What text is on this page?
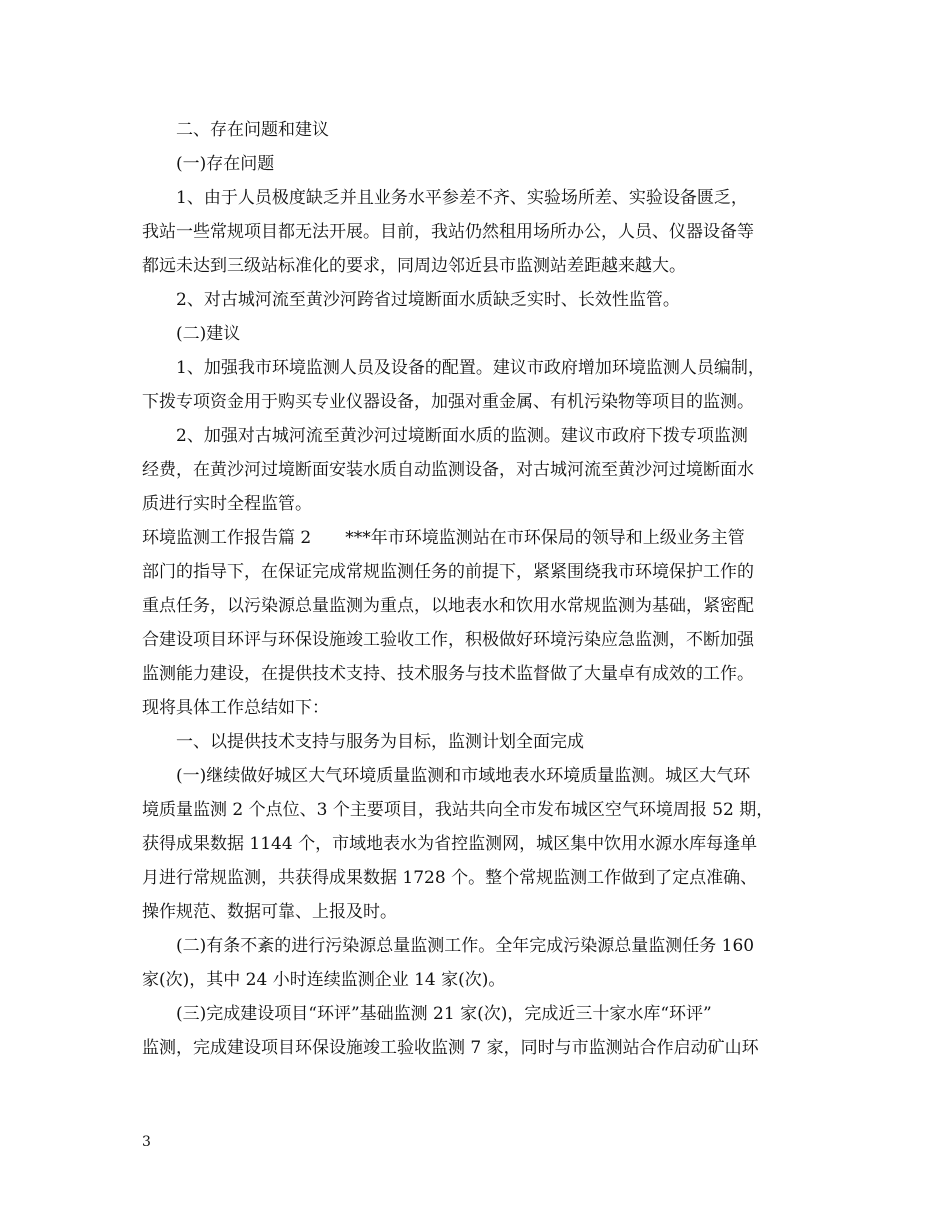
二、存在问题和建议
(一)存在问题
1、由于人员极度缺乏并且业务水平参差不齐、实验场所差、实验设备匮乏，
我站一些常规项目都无法开展。目前，我站仍然租用场所办公，人员、仪器设备等
都远未达到三级站标准化的要求，同周边邻近县市监测站差距越来越大。
2、对古城河流至黄沙河跨省过境断面水质缺乏实时、长效性监管。
(二)建议
1、加强我市环境监测人员及设备的配置。建议市政府增加环境监测人员编制，
下拨专项资金用于购买专业仪器设备，加强对重金属、有机污染物等项目的监测。
2、加强对古城河流至黄沙河过境断面水质的监测。建议市政府下拨专项监测
经费，在黄沙河过境断面安装水质自动监测设备，对古城河流至黄沙河过境断面水
质进行实时全程监管。
环境监测工作报告篇 2　　***年市环境监测站在市环保局的领导和上级业务主管
部门的指导下，在保证完成常规监测任务的前提下，紧紧围绕我市环境保护工作的
重点任务，以污染源总量监测为重点，以地表水和饮用水常规监测为基础，紧密配
合建设项目环评与环保设施竣工验收工作，积极做好环境污染应急监测，不断加强
监测能力建设，在提供技术支持、技术服务与技术监督做了大量卓有成效的工作。
现将具体工作总结如下：
一、以提供技术支持与服务为目标，监测计划全面完成
(一)继续做好城区大气环境质量监测和市域地表水环境质量监测。城区大气环
境质量监测 2 个点位、3 个主要项目，我站共向全市发布城区空气环境周报 52 期，
获得成果数据 1144 个，市域地表水为省控监测网，城区集中饮用水源水库每逢单
月进行常规监测，共获得成果数据 1728 个。整个常规监测工作做到了定点准确、
操作规范、数据可靠、上报及时。
(二)有条不紊的进行污染源总量监测工作。全年完成污染源总量监测任务 160
家(次)，其中 24 小时连续监测企业 14 家(次)。
(三)完成建设项目“环评”基础监测 21 家(次)，完成近三十家水库“环评”
监测，完成建设项目环保设施竣工验收监测 7 家，同时与市监测站合作启动矿山环
3
